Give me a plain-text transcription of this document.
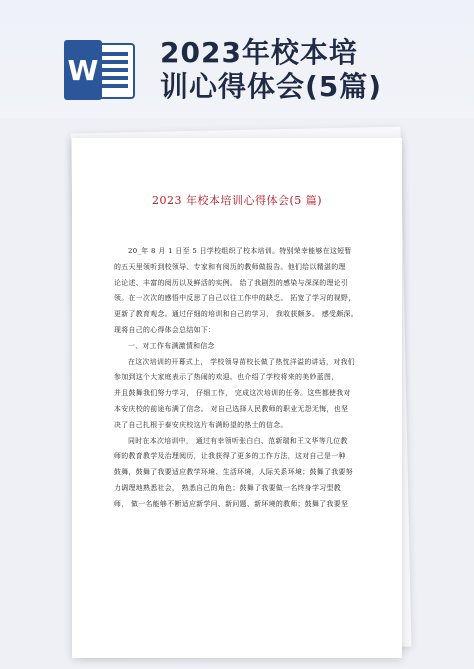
W
2023年校本培
训心得体会(5篇)
2023 年校本培训心得体会(5 篇)

20_年 8 月 1 日至 5 日学校组织了校本培训。特别荣幸能够在这短暂

的五天里领听到校领导、专家和有阅历的教师做报告。他们给以精湛的理

论论述、丰富的阅历以及鲜活的实例。 给了我剧烈的感染与深深的理论引

领。在一次次的感悟中反思了自己以往工作中的缺乏。 拓宽了学习的视野，

更新了教育观念。通过仔细的培训和自己的学习， 我收获颇多。 感受颇深。

现将自己的心得体会总结如下：

一、对工作布满激情和信念

在这次培训的开幕式上， 学校领导苗校长做了热忱洋溢的讲话，对我们

参加到这个大家庭表示了热闹的欢迎。也介绍了学校将来的美妙蓝图，

并且鼓舞我们努力学习， 仔细工作， 完成这次培训的任务。这些都使我对

本安庆校的前途布满了信念。 对自己选择人民教师的职业无怨无悔，也坚

决了自己扎根于泰安庆校这片布满盼望的热土的信念。

同时在本次培训中， 通过有幸领听张白白、范新瑞和王文华等几位教

师的教育教学及治理阅历，让我获得了更多的工作方法，这对自己是一种

鼓舞，鼓舞了我要适应教学环境、生活环境，人际关系环境；鼓舞了我要努

力调理地熟悉社会， 熟悉自己的角色；鼓舞了我要做一名终身学习型教

师， 做一名能够不断适应新学问、新问题、新环境的教师；鼓舞了我要坚
